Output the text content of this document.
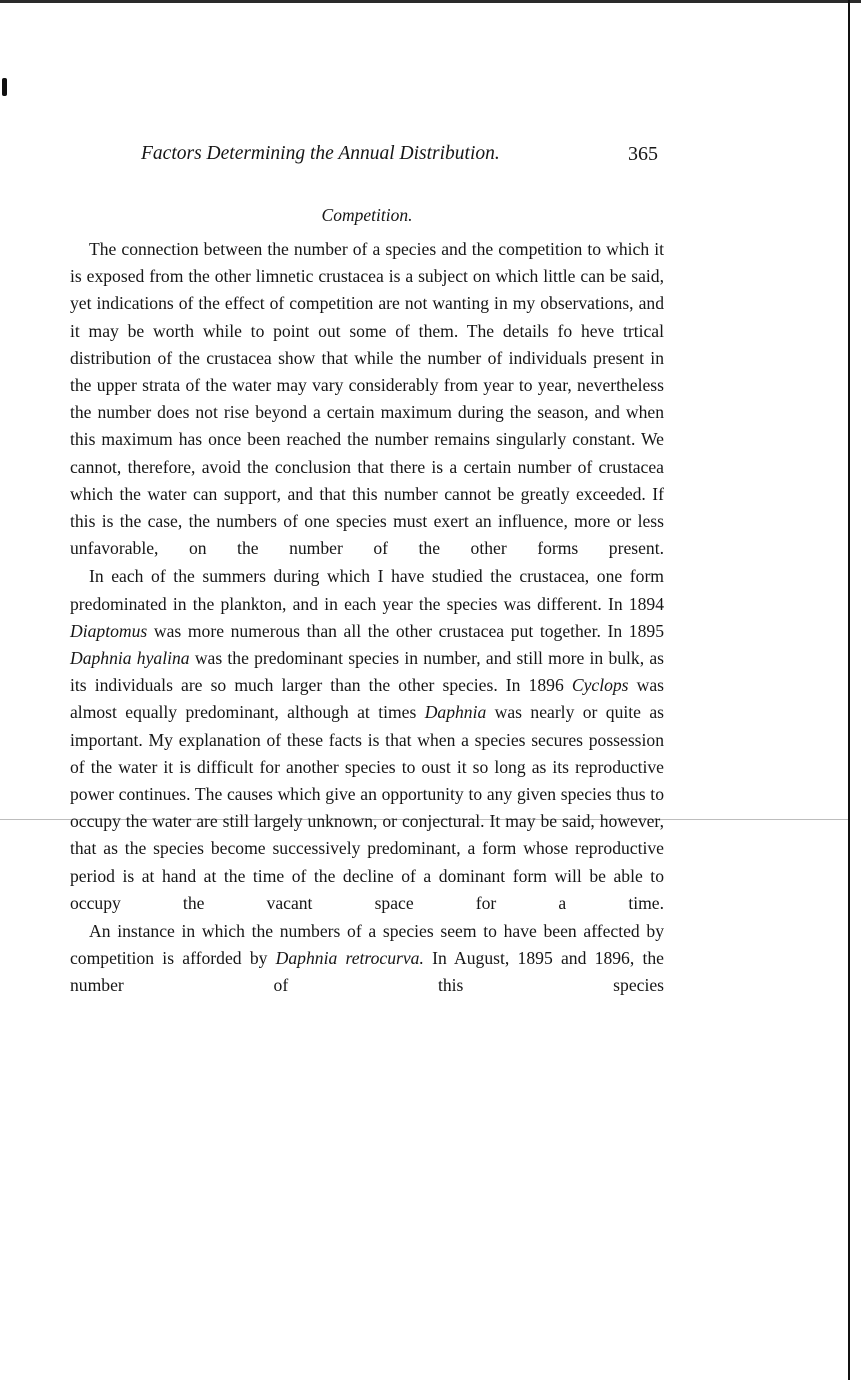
Factors Determining the Annual Distribution.	365
Competition.

The connection between the number of a species and the competition to which it is exposed from the other limnetic crustacea is a subject on which little can be said, yet indications of the effect of competition are not wanting in my observations, and it may be worth while to point out some of them. The details fo heve trtical distribution of the crustacea show that while the number of individuals present in the upper strata of the water may vary considerably from year to year, nevertheless the number does not rise beyond a certain maximum during the season, and when this maximum has once been reached the number remains singularly constant. We cannot, therefore, avoid the conclusion that there is a certain number of crustacea which the water can support, and that this number cannot be greatly exceeded. If this is the case, the numbers of one species must exert an influence, more or less unfavorable, on the number of the other forms present.

In each of the summers during which I have studied the crustacea, one form predominated in the plankton, and in each year the species was different. In 1894 Diaptomus was more numerous than all the other crustacea put together. In 1895 Daphnia hyalina was the predominant species in number, and still more in bulk, as its individuals are so much larger than the other species. In 1896 Cyclops was almost equally predominant, although at times Daphnia was nearly or quite as important. My explanation of these facts is that when a species secures possession of the water it is difficult for another species to oust it so long as its reproductive power continues. The causes which give an opportunity to any given species thus to occupy the water are still largely unknown, or conjectural. It may be said, however, that as the species become successively predominant, a form whose reproductive period is at hand at the time of the decline of a dominant form will be able to occupy the vacant space for a time.

An instance in which the numbers of a species seem to have been affected by competition is afforded by Daphnia retrocurva. In August, 1895 and 1896, the number of this species
